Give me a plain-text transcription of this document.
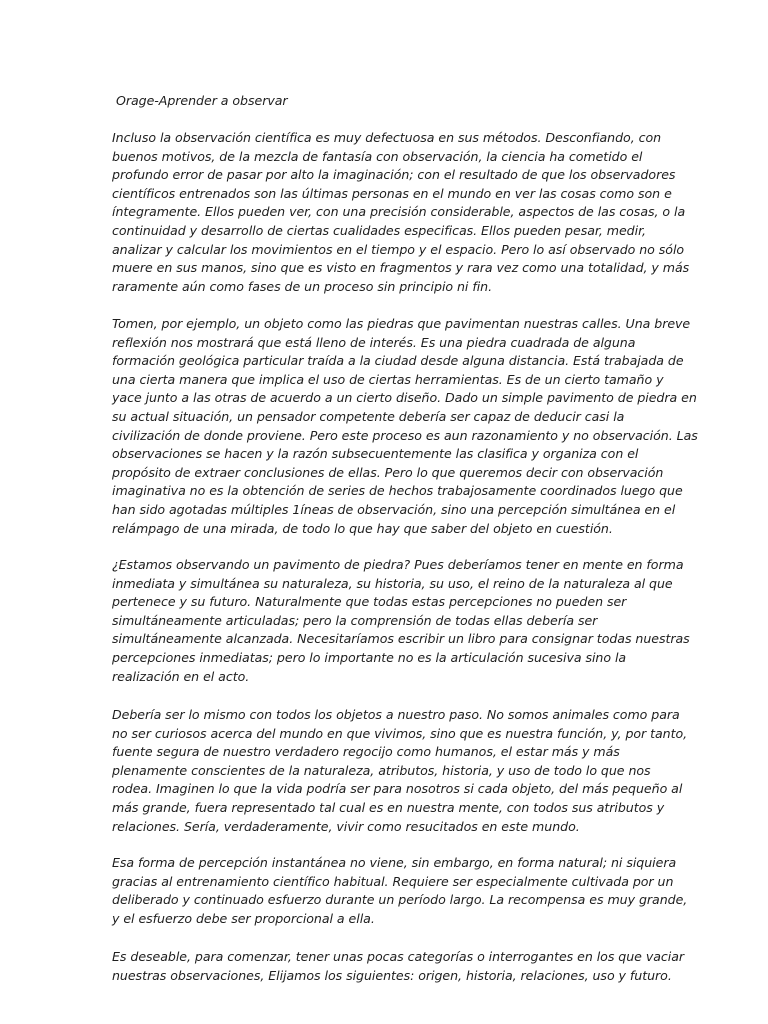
Orage-Aprender a observar

Incluso la observación científica es muy defectuosa en sus métodos. Desconfiando, con
buenos motivos, de la mezcla de fantasía con observación, la ciencia ha cometido el
profundo error de pasar por alto la imaginación; con el resultado de que los observadores
científicos entrenados son las últimas personas en el mundo en ver las cosas como son e
íntegramente. Ellos pueden ver, con una precisión considerable, aspectos de las cosas, o la
continuidad y desarrollo de ciertas cualidades especificas. Ellos pueden pesar, medir,
analizar y calcular los movimientos en el tiempo y el espacio. Pero lo así observado no sólo
muere en sus manos, sino que es visto en fragmentos y rara vez como una totalidad, y más
raramente aún como fases de un proceso sin principio ni fin.

Tomen, por ejemplo, un objeto como las piedras que pavimentan nuestras calles. Una breve
reflexión nos mostrará que está lleno de interés. Es una piedra cuadrada de alguna
formación geológica particular traída a la ciudad desde alguna distancia. Está trabajada de
una cierta manera que implica el uso de ciertas herramientas. Es de un cierto tamaño y
yace junto a las otras de acuerdo a un cierto diseño. Dado un simple pavimento de piedra en
su actual situación, un pensador competente debería ser capaz de deducir casi la
civilización de donde proviene. Pero este proceso es aun razonamiento y no observación. Las
observaciones se hacen y la razón subsecuentemente las clasifica y organiza con el
propósito de extraer conclusiones de ellas. Pero lo que queremos decir con observación
imaginativa no es la obtención de series de hechos trabajosamente coordinados luego que
han sido agotadas múltiples 1íneas de observación, sino una percepción simultánea en el
relámpago de una mirada, de todo lo que hay que saber del objeto en cuestión.

¿Estamos observando un pavimento de piedra? Pues deberíamos tener en mente en forma
inmediata y simultánea su naturaleza, su historia, su uso, el reino de la naturaleza al que
pertenece y su futuro. Naturalmente que todas estas percepciones no pueden ser
simultáneamente articuladas; pero la comprensión de todas ellas debería ser
simultáneamente alcanzada. Necesitaríamos escribir un libro para consignar todas nuestras
percepciones inmediatas; pero lo importante no es la articulación sucesiva sino la
realización en el acto.

Debería ser lo mismo con todos los objetos a nuestro paso. No somos animales como para
no ser curiosos acerca del mundo en que vivimos, sino que es nuestra función, y, por tanto,
fuente segura de nuestro verdadero regocijo como humanos, el estar más y más
plenamente conscientes de la naturaleza, atributos, historia, y uso de todo lo que nos
rodea. Imaginen lo que la vida podría ser para nosotros si cada objeto, del más pequeño al
más grande, fuera representado tal cual es en nuestra mente, con todos sus atributos y
relaciones. Sería, verdaderamente, vivir como resucitados en este mundo.

Esa forma de percepción instantánea no viene, sin embargo, en forma natural; ni siquiera
gracias al entrenamiento científico habitual. Requiere ser especialmente cultivada por un
deliberado y continuado esfuerzo durante un período largo. La recompensa es muy grande,
y el esfuerzo debe ser proporcional a ella.

Es deseable, para comenzar, tener unas pocas categorías o interrogantes en los que vaciar
nuestras observaciones, Elijamos los siguientes: origen, historia, relaciones, uso y futuro.
